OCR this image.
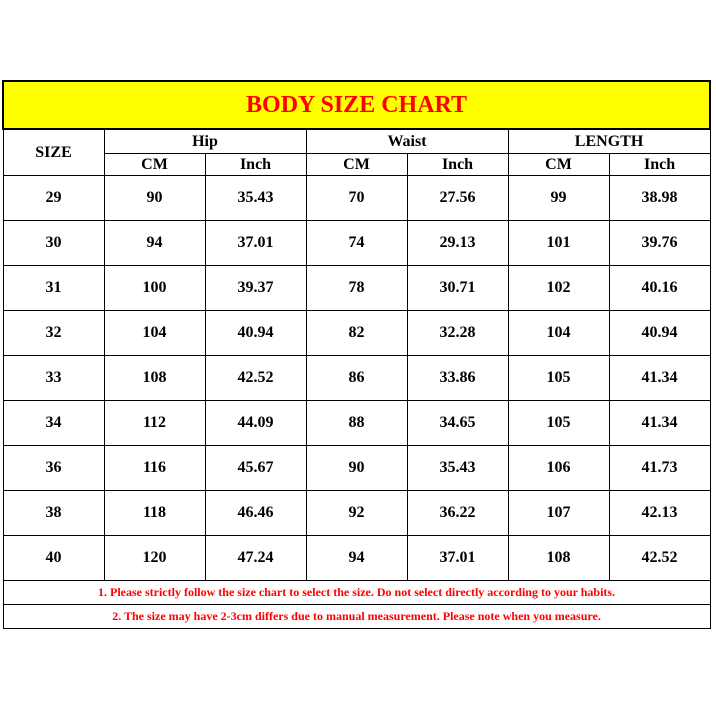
BODY SIZE CHART						
SIZE	Hip		Waist		LENGTH	
	CM	Inch	CM	Inch	CM	Inch
29	90	35.43	70	27.56	99	38.98
30	94	37.01	74	29.13	101	39.76
31	100	39.37	78	30.71	102	40.16
32	104	40.94	82	32.28	104	40.94
33	108	42.52	86	33.86	105	41.34
34	112	44.09	88	34.65	105	41.34
36	116	45.67	90	35.43	106	41.73
38	118	46.46	92	36.22	107	42.13
40	120	47.24	94	37.01	108	42.52
1. Please strictly follow the size chart to select the size. Do not select directly according to your habits.						
2. The size may have 2-3cm differs due to manual measurement. Please note when you measure.						
